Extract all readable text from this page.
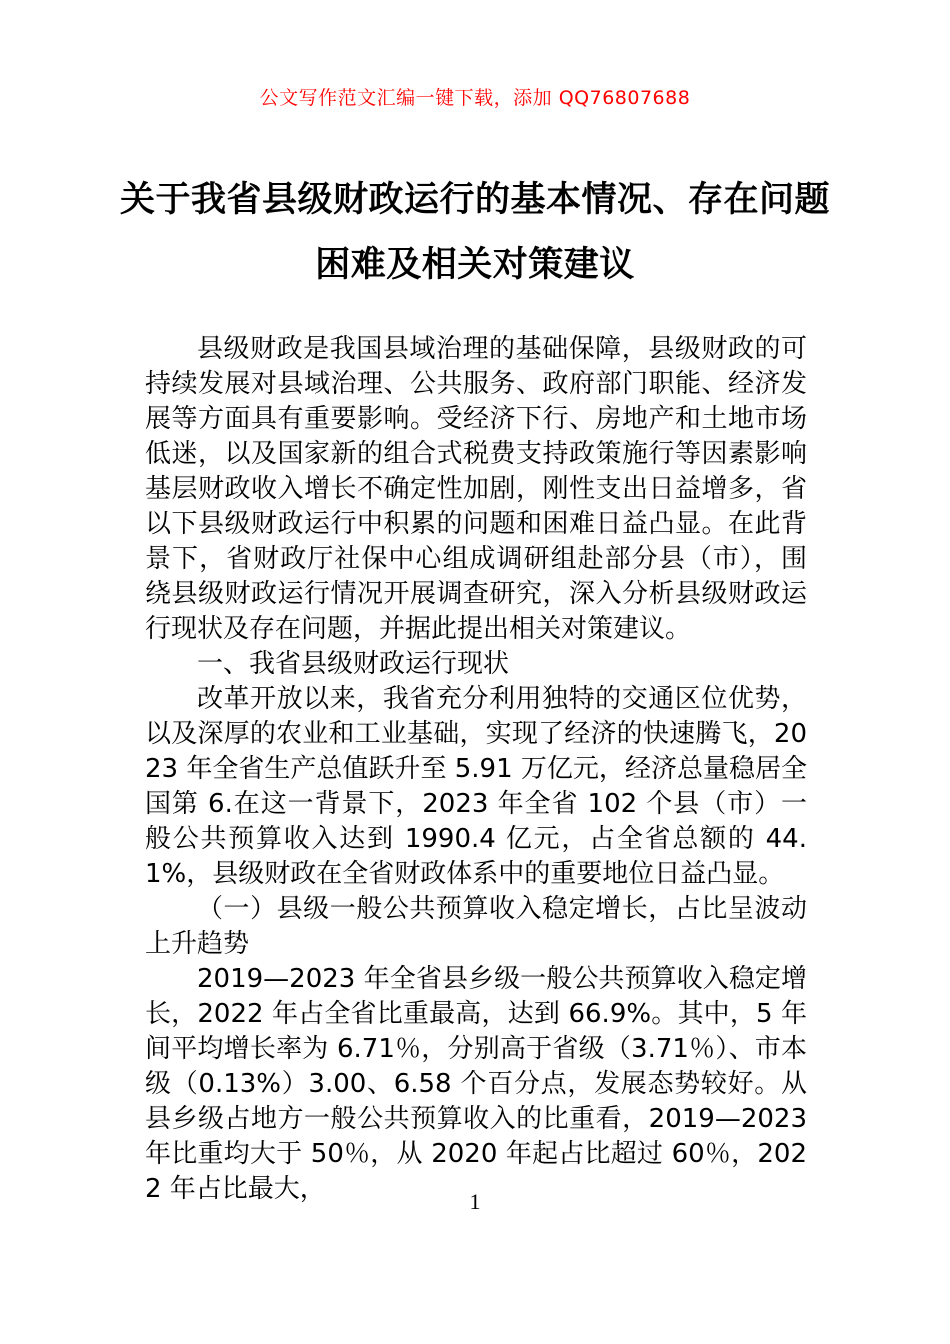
公文写作范文汇编一键下载，添加 QQ76807688
关于我省县级财政运行的基本情况、存在问题困难及相关对策建议

县级财政是我国县域治理的基础保障，县级财政的可持续发展对县域治理、公共服务、政府部门职能、经济发展等方面具有重要影响。受经济下行、房地产和土地市场低迷，以及国家新的组合式税费支持政策施行等因素影响基层财政收入增长不确定性加剧，刚性支出日益增多，省以下县级财政运行中积累的问题和困难日益凸显。在此背景下，省财政厅社保中心组成调研组赴部分县（市），围绕县级财政运行情况开展调查研究，深入分析县级财政运行现状及存在问题，并据此提出相关对策建议。

一、我省县级财政运行现状

改革开放以来，我省充分利用独特的交通区位优势，以及深厚的农业和工业基础，实现了经济的快速腾飞，2023 年全省生产总值跃升至 5.91 万亿元，经济总量稳居全国第 6.在这一背景下，2023 年全省 102 个县（市）一般公共预算收入达到 1990.4 亿元，占全省总额的 44.1%，县级财政在全省财政体系中的重要地位日益凸显。

（一）县级一般公共预算收入稳定增长，占比呈波动上升趋势

2019—2023 年全省县乡级一般公共预算收入稳定增长，2022 年占全省比重最高，达到 66.9%。其中，5 年间平均增长率为 6.71％，分别高于省级（3.71％）、市本级（0.13%）3.00、6.58 个百分点，发展态势较好。从县乡级占地方一般公共预算收入的比重看，2019—2023 年比重均大于 50％，从 2020 年起占比超过 60％，2022 年占比最大，	1
